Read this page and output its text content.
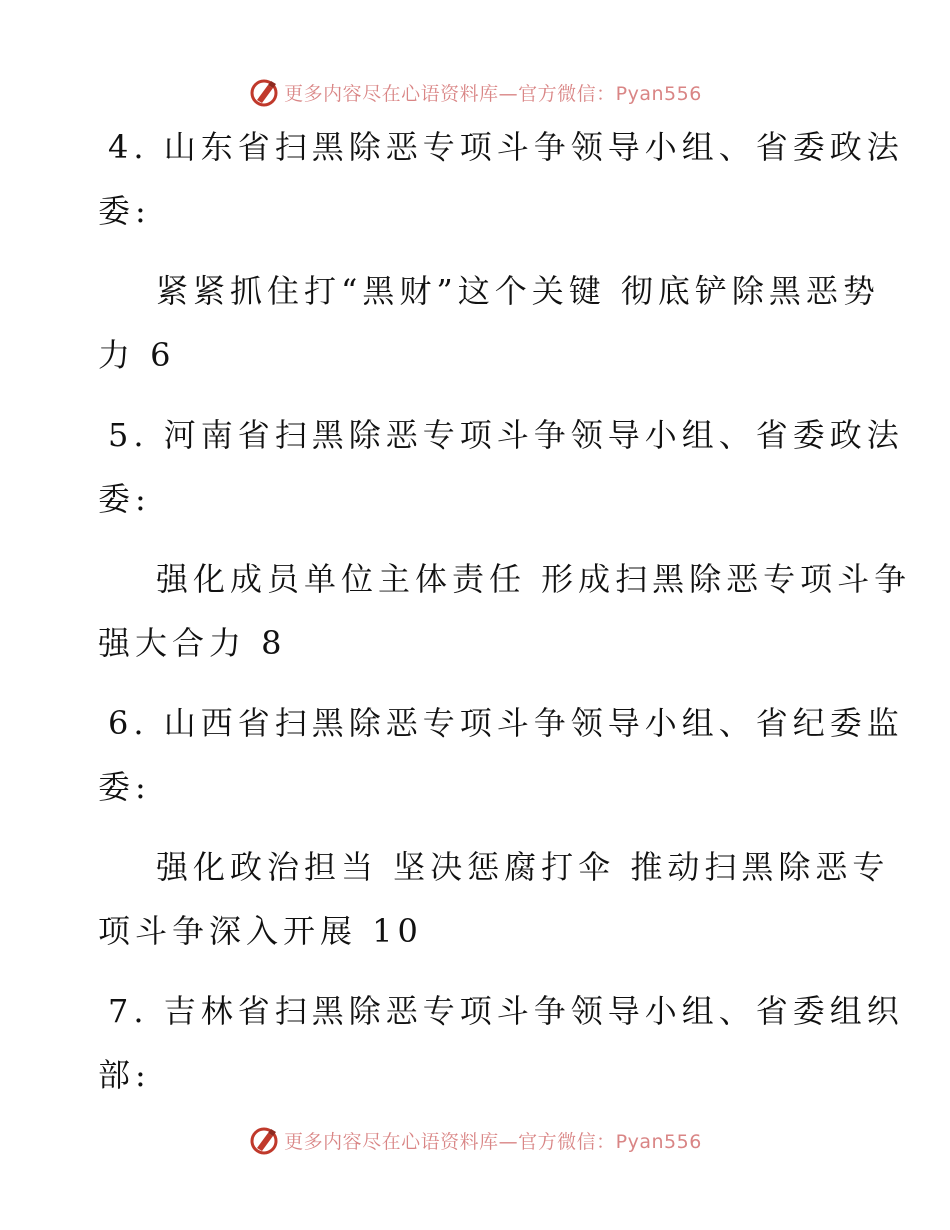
更多内容尽在心语资料库—官方微信：Pyan556
4. 山东省扫黑除恶专项斗争领导小组、省委政法
委:
紧紧抓住打“黑财”这个关键 彻底铲除黑恶势
力 6
5. 河南省扫黑除恶专项斗争领导小组、省委政法
委:
强化成员单位主体责任 形成扫黑除恶专项斗争
强大合力 8
6. 山西省扫黑除恶专项斗争领导小组、省纪委监
委:
强化政治担当 坚决惩腐打伞 推动扫黑除恶专
项斗争深入开展 10
7. 吉林省扫黑除恶专项斗争领导小组、省委组织
部:
更多内容尽在心语资料库—官方微信：Pyan556
